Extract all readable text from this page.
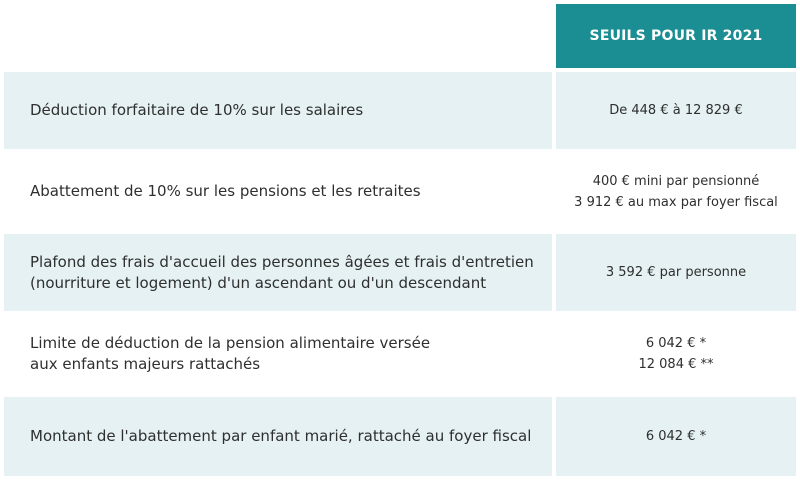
SEUILS POUR IR 2021
Déduction forfaitaire de 10% sur les salaires	De 448 € à 12 829 €
Abattement de 10% sur les pensions et les retraites
400 € mini par pensionné
3 912 € au max par foyer fiscal
Plafond des frais d'accueil des personnes âgées et frais d'entretien
(nourriture et logement) d'un ascendant ou d'un descendant
3 592 € par personne
Limite de déduction de la pension alimentaire versée
aux enfants majeurs rattachés
6 042 € *
12 084 € **
Montant de l'abattement par enfant marié, rattaché au foyer fiscal	6 042 € *
